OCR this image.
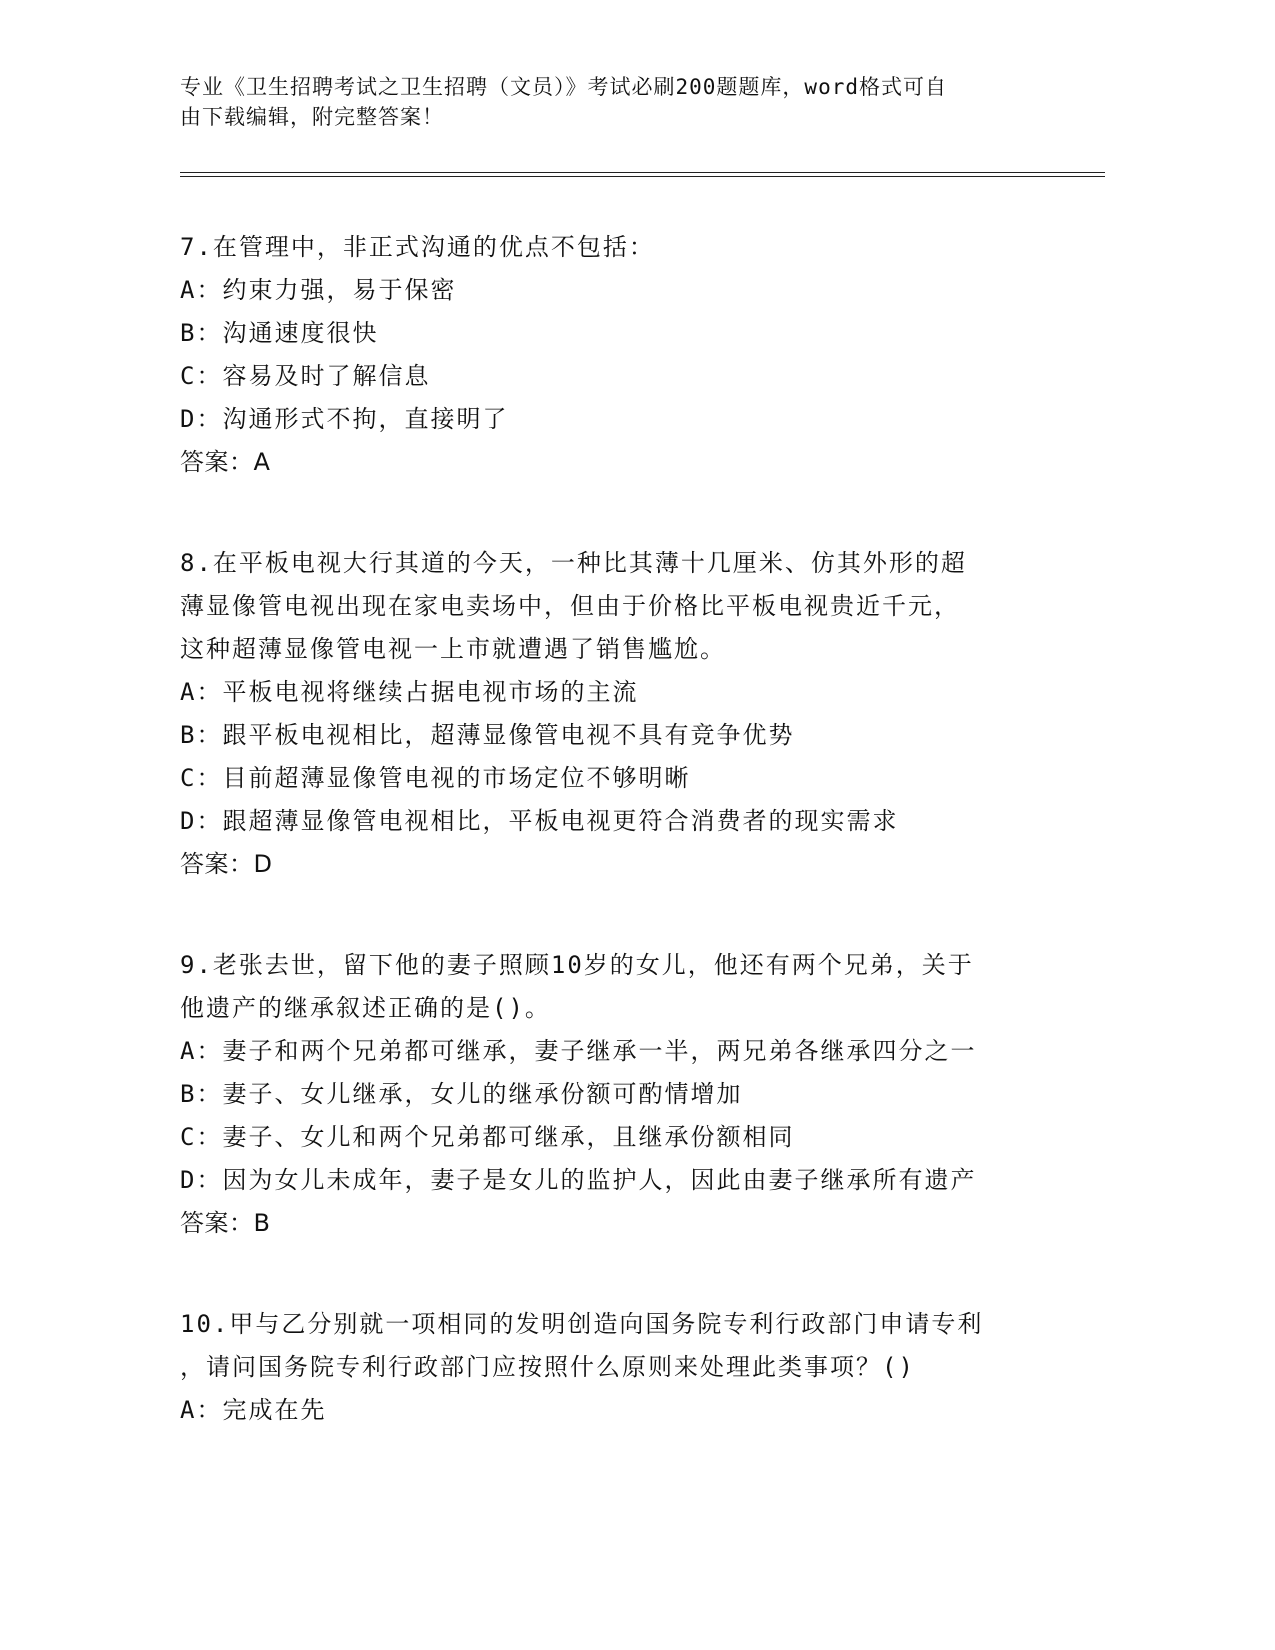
专业《卫生招聘考试之卫生招聘（文员）》考试必刷200题题库，word格式可自
由下载编辑，附完整答案！
7.在管理中，非正式沟通的优点不包括：
A：约束力强，易于保密
B：沟通速度很快
C：容易及时了解信息
D：沟通形式不拘，直接明了
答案：A
8.在平板电视大行其道的今天，一种比其薄十几厘米、仿其外形的超
薄显像管电视出现在家电卖场中，但由于价格比平板电视贵近千元，
这种超薄显像管电视一上市就遭遇了销售尴尬。
A：平板电视将继续占据电视市场的主流
B：跟平板电视相比，超薄显像管电视不具有竞争优势
C：目前超薄显像管电视的市场定位不够明晰
D：跟超薄显像管电视相比，平板电视更符合消费者的现实需求
答案：D
9.老张去世，留下他的妻子照顾10岁的女儿，他还有两个兄弟，关于
他遗产的继承叙述正确的是()。
A：妻子和两个兄弟都可继承，妻子继承一半，两兄弟各继承四分之一
B：妻子、女儿继承，女儿的继承份额可酌情增加
C：妻子、女儿和两个兄弟都可继承，且继承份额相同
D：因为女儿未成年，妻子是女儿的监护人，因此由妻子继承所有遗产
答案：B
10.甲与乙分别就一项相同的发明创造向国务院专利行政部门申请专利
，请问国务院专利行政部门应按照什么原则来处理此类事项？()
A：完成在先
